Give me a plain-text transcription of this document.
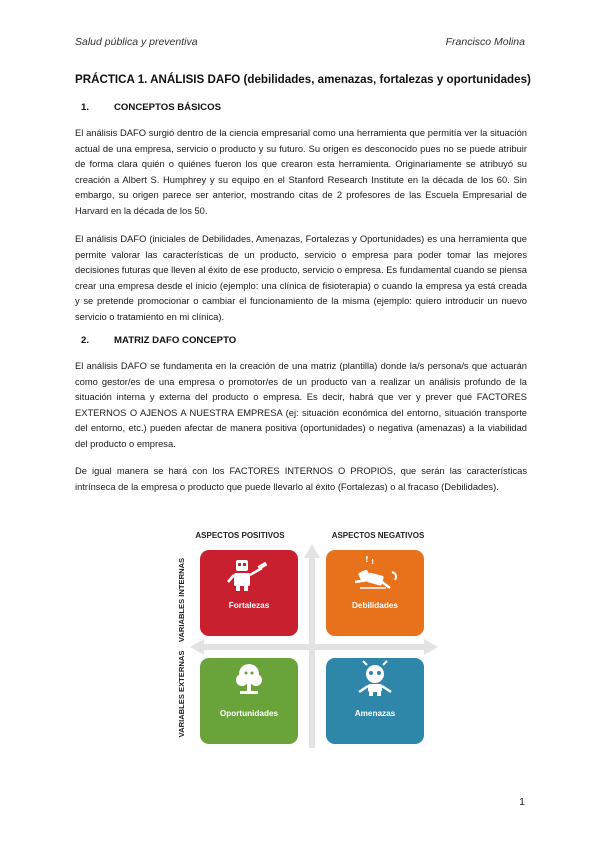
Salud pública y preventiva	Francisco Molina
PRÁCTICA 1. ANÁLISIS DAFO (debilidades, amenazas, fortalezas y oportunidades)
1.	CONCEPTOS BÁSICOS
El análisis DAFO surgió dentro de la ciencia empresarial como una herramienta que permitía ver la situación actual de una empresa, servicio o producto y su futuro. Su origen es desconocido pues no se puede atribuir de forma clara quién o quiénes fueron los que crearon esta herramienta. Originariamente se atribuyó su creación a Albert S. Humphrey y su equipo en el Stanford Research Institute en la década de los 60. Sin embargo, su origen parece ser anterior, mostrando citas de 2 profesores de las Escuela Empresarial de Harvard en la década de los 50.
El análisis DAFO (iniciales de Debilidades, Amenazas, Fortalezas y Oportunidades) es una herramienta que permite valorar las características de un producto, servicio o empresa para poder tomar las mejores decisiones futuras que lleven al éxito de ese producto, servicio o empresa. Es fundamental cuando se piensa crear una empresa desde el inicio (ejemplo: una clínica de fisioterapia) o cuando la empresa ya está creada y se pretende promocionar o cambiar el funcionamiento de la misma (ejemplo: quiero introducir un nuevo servicio o tratamiento en mi clínica).
2.	MATRIZ DAFO CONCEPTO
El análisis DAFO se fundamenta en la creación de una matriz (plantilla) donde la/s persona/s que actuarán como gestor/es de una empresa o promotor/es de un producto van a realizar un análisis profundo de la situación interna y externa del producto o empresa. Es decir, habrá que ver y prever qué FACTORES EXTERNOS O AJENOS A NUESTRA EMPRESA (ej: situación económica del entorno, situación transporte del entorno, etc.) pueden afectar de manera positiva (oportunidades) o negativa (amenazas) a la viabilidad del producto o empresa.
De igual manera se hará con los FACTORES INTERNOS O PROPIOS, que serán las características intrínseca de la empresa o producto que puede llevarlo al éxito (Fortalezas) o al fracaso (Debilidades).
ASPECTOS POSITIVOS	ASPECTOS NEGATIVOS
VARIABLES INTERNAS
VARIABLES EXTERNAS
Fortalezas
! !
Debilidades
Oportunidades	Amenazas
1
